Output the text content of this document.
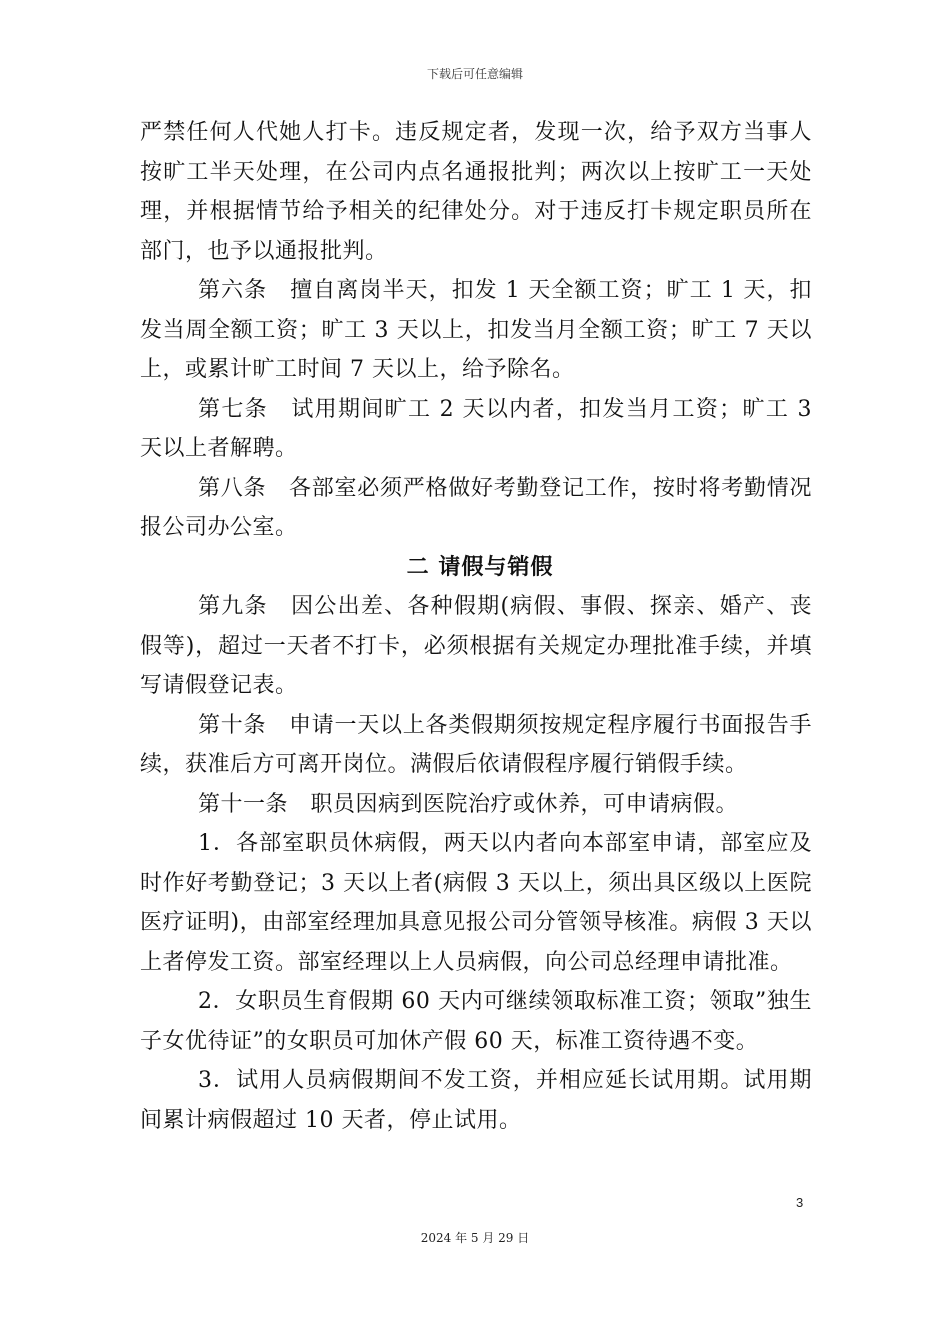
下载后可任意编辑

严禁任何人代她人打卡。违反规定者，发现一次，给予双方当事人按旷工半天处理，在公司内点名通报批判；两次以上按旷工一天处理，并根据情节给予相关的纪律处分。对于违反打卡规定职员所在部门，也予以通报批判。

第六条　擅自离岗半天，扣发 1 天全额工资；旷工 1 天，扣发当周全额工资；旷工 3 天以上，扣发当月全额工资；旷工 7 天以上，或累计旷工时间 7 天以上，给予除名。

第七条　试用期间旷工 2 天以内者，扣发当月工资；旷工 3 天以上者解聘。

第八条　各部室必须严格做好考勤登记工作，按时将考勤情况报公司办公室。

二 请假与销假

第九条　因公出差、各种假期(病假、事假、探亲、婚产、丧假等)，超过一天者不打卡，必须根据有关规定办理批准手续，并填写请假登记表。

第十条　申请一天以上各类假期须按规定程序履行书面报告手续，获准后方可离开岗位。满假后依请假程序履行销假手续。

第十一条　职员因病到医院治疗或休养，可申请病假。

1．各部室职员休病假，两天以内者向本部室申请，部室应及时作好考勤登记；3 天以上者(病假 3 天以上，须出具区级以上医院医疗证明)，由部室经理加具意见报公司分管领导核准。病假 3 天以上者停发工资。部室经理以上人员病假，向公司总经理申请批准。

2．女职员生育假期 60 天内可继续领取标准工资；领取”独生子女优待证”的女职员可加休产假 60 天，标准工资待遇不变。

3．试用人员病假期间不发工资，并相应延长试用期。试用期间累计病假超过 10 天者，停止试用。

3
2024 年 5 月 29 日
